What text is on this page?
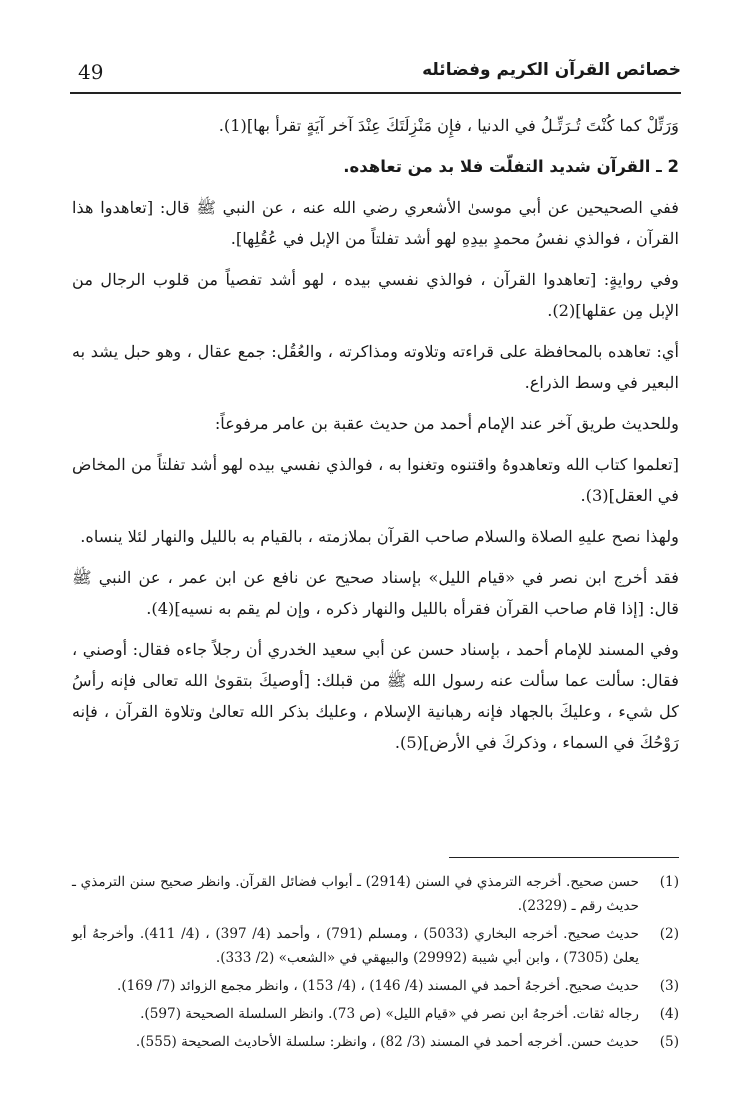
49	خصائص القرآن الكريم وفضائله

وَرَتِّلْ كما كُنْتَ تُـرَتِّـلُ في الدنيا ، فإِن مَنْزِلَتَكَ عِنْدَ آخر آيَةٍ تقرأ بها](1).

2 ـ القرآن شديد التفلّت فلا بد من تعاهده.

ففي الصحيحين عن أبي موسىٰ الأشعري رضي الله عنه ، عن النبي ﷺ قال: [تعاهدوا هذا القرآن ، فوالذي نفسُ محمدٍ بيدِهِ لهو أشد تفلتاً من الإبل في عُقُلِها].

وفي روايةٍ: [تعاهدوا القرآن ، فوالذي نفسي بيده ، لهو أشد تفصياً من قلوب الرجال من الإبل مِن عقلها](2).

أي: تعاهده بالمحافظة على قراءته وتلاوته ومذاكرته ، والعُقُل: جمع عقال ، وهو حبل يشد به البعير في وسط الذراع.

وللحديث طريق آخر عند الإمام أحمد من حديث عقبة بن عامر مرفوعاً:

[تعلموا كتاب الله وتعاهدوهُ واقتنوه وتغنوا به ، فوالذي نفسي بيده لهو أشد تفلتاً من المخاض في العقل](3).

ولهذا نصح عليهِ الصلاة والسلام صاحب القرآن بملازمته ، بالقيام به بالليل والنهار لئلا ينساه.

فقد أخرج ابن نصر في «قيام الليل» بإسناد صحيح عن نافع عن ابن عمر ، عن النبي ﷺ قال: [إذا قام صاحب القرآن فقرأه بالليل والنهار ذكره ، وإن لم يقم به نسيه](4).

وفي المسند للإمام أحمد ، بإسناد حسن عن أبي سعيد الخدري أن رجلاً جاءه فقال: أوصني ، فقال: سألت عما سألت عنه رسول الله ﷺ من قبلك: [أوصيكَ بتقوىٰ الله تعالى فإنه رأسُ كل شيء ، وعليكَ بالجهاد فإنه رهبانية الإسلام ، وعليك بذكر الله تعالىٰ وتلاوة القرآن ، فإنه رَوْحُكَ في السماء ، وذكركَ في الأرض](5).

(1)
حسن صحيح. أخرجه الترمذي في السنن (2914) ـ أبواب فضائل القرآن. وانظر صحيح سنن الترمذي ـ حديث رقم ـ (2329).
(2)
حديث صحيح. أخرجه البخاري (5033) ، ومسلم (791) ، وأحمد (4/ 397) ، (4/ 411). وأخرجهُ أبو يعلىٰ (7305) ، وابن أبي شيبة (29992) والبيهقي في «الشعب» (2/ 333).
(3)
حديث صحيح. أخرجهُ أحمد في المسند (4/ 146) ، (4/ 153) ، وانظر مجمع الزوائد (7/ 169).
(4)
رجاله ثقات. أخرجهُ ابن نصر في «قيام الليل» (ص 73). وانظر السلسلة الصحيحة (597).
(5)
حديث حسن. أخرجه أحمد في المسند (3/ 82) ، وانظر: سلسلة الأحاديث الصحيحة (555).
